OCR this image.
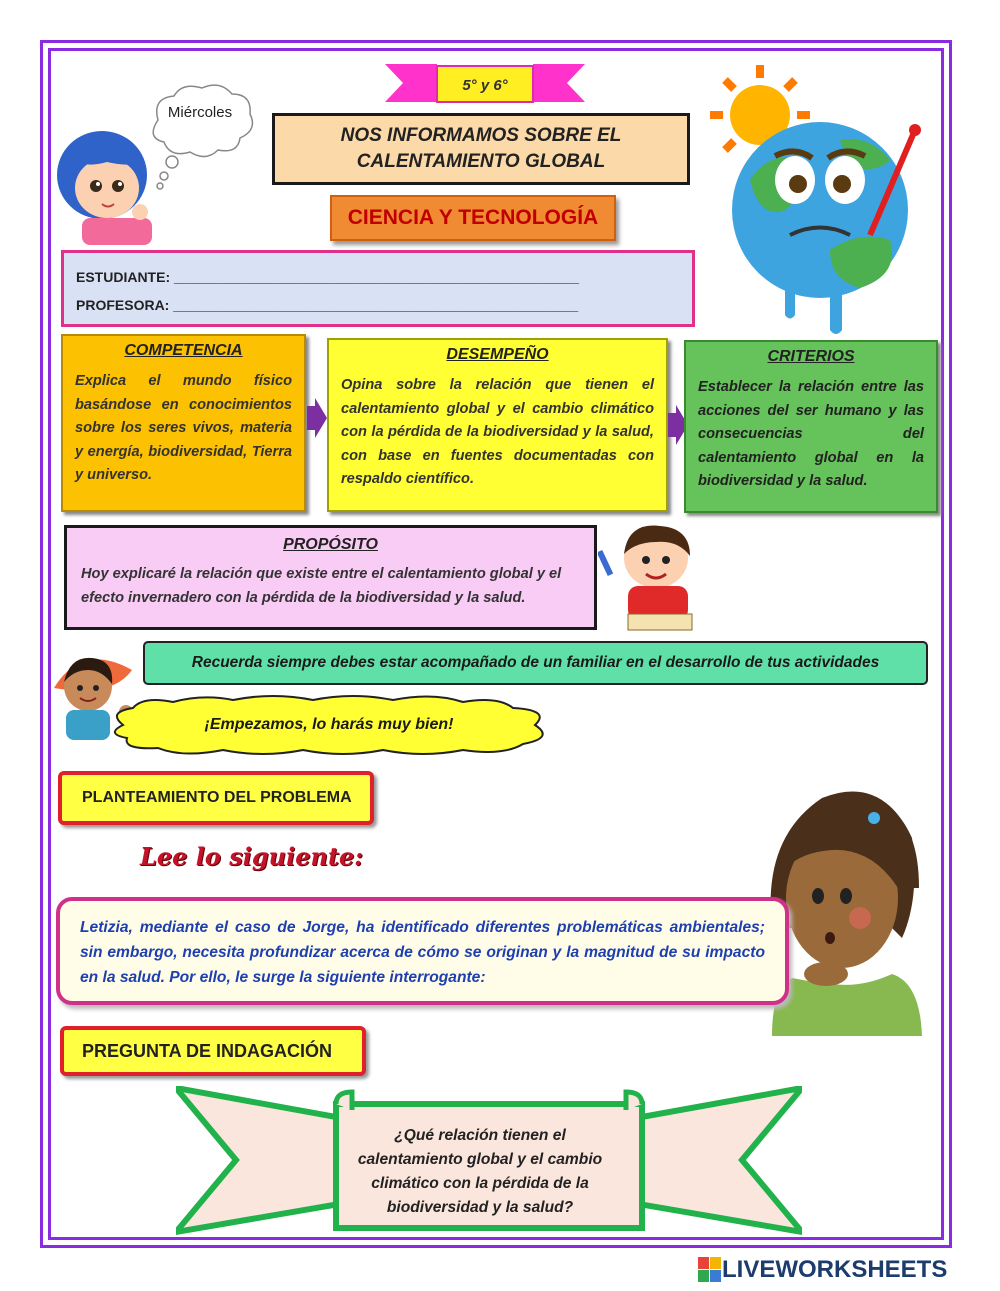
5° y 6°
Miércoles
NOS INFORMAMOS SOBRE EL
CALENTAMIENTO GLOBAL
CIENCIA Y TECNOLOGÍA
ESTUDIANTE: ____________________________________________________
PROFESORA: ____________________________________________________
COMPETENCIA
Explica el mundo físico basándose en conocimientos sobre los seres vivos, materia y energía, biodiversidad, Tierra y universo.
DESEMPEÑO
Opina sobre la relación que tienen el calentamiento global y el cambio climático con la pérdida de la biodiversidad y la salud, con base en fuentes documentadas con respaldo científico.
CRITERIOS
Establecer la relación entre las acciones del ser humano y las consecuencias del calentamiento global en la biodiversidad y la salud.
PROPÓSITO
Hoy explicaré la relación que existe entre el calentamiento global y el efecto invernadero con la pérdida de la biodiversidad y la salud.
Recuerda siempre debes estar acompañado de un familiar en el desarrollo de tus actividades
¡Empezamos, lo harás muy bien!
PLANTEAMIENTO DEL PROBLEMA
Lee lo siguiente:
Letizia, mediante el caso de Jorge, ha identificado diferentes problemáticas ambientales; sin embargo, necesita profundizar acerca de cómo se originan y la magnitud de su impacto en la salud. Por ello, le surge la siguiente interrogante:
PREGUNTA DE INDAGACIÓN
¿Qué relación tienen el
calentamiento global y el cambio
climático con la pérdida de la
biodiversidad y la salud?
LIVEWORKSHEETS
